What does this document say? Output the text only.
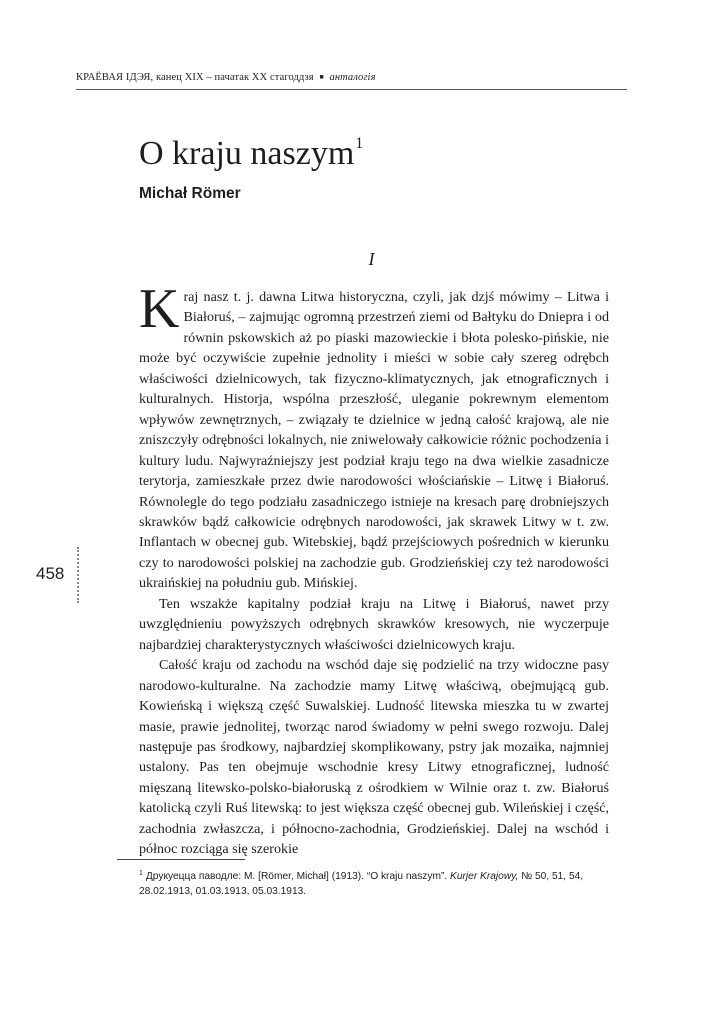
КРАЁВАЯ ІДЭЯ, канец XIX – пачатак XX стагоддзя ■ антaлогія
O kraju naszym$^1$
Michał Römer
I

Kraj nasz t. j. dawna Litwa historyczna, czyli, jak dzjś mówimy – Litwa i Białoruś, – zajmując ogromną przestrzeń ziemi od Bałtyku do Dniepra i od równin pskowskich aż po piaski mazowieckie i błota polesko-pińskie, nie może być oczywiście zupełnie jednolity i mieści w sobie cały szereg odrębch właściwości dzielnicowych, tak fizyczno-klimatycznych, jak etnograficznych i kulturalnych. Historja, wspólna przeszłość, uleganie pokrewnym elementom wpływów zewnętrznych, – związały te dzielnice w jedną całość krajową, ale nie zniszczyły odrębności lokalnych, nie zniwelowały całkowicie różnic pochodzenia i kultury ludu. Najwyraźniejszy jest podział kraju tego na dwa wielkie zasadnicze terytorja, zamieszkałe przez dwie narodowości włościańskie – Litwę i Białoruś. Równolegle do tego podziału zasadniczego istnieje na kresach parę drobniejszych skrawków bądź całkowicie odrębnych narodowości, jak skrawek Litwy w t. zw. Inflantach w obecnej gub. Witebskiej, bądź przejściowych pośrednich w kierunku czy to narodowości polskiej na zachodzie gub. Grodzieńskiej czy też narodowości ukraińskiej na południu gub. Mińskiej.

Ten wszakże kapitalny podział kraju na Litwę i Białoruś, nawet przy uwzględnieniu powyższych odrębnych skrawków kresowych, nie wyczerpuje najbardziej charakterystycznych właściwości dzielnicowych kraju.

Całość kraju od zachodu na wschód daje się podzielić na trzy widoczne pasy narodowo-kulturalne. Na zachodzie mamy Litwę właściwą, obejmującą gub. Kowieńską i większą część Suwalskiej. Ludność litewska mieszka tu w zwartej masie, prawie jednolitej, tworząc narod świadomy w pełni swego rozwoju. Dalej następuje pas środkowy, najbardziej skomplikowany, pstry jak mozaika, najmniej ustalony. Pas ten obejmuje wschodnie kresy Litwy etnograficznej, ludność mięszaną litewsko-polsko-białoruską z ośrodkiem w Wilnie oraz t. zw. Białoruś katolicką czyli Ruś litewską: to jest większa część obecnej gub. Wileńskiej i część, zachodnia zwłaszcza, i północno-zachodnia, Grodzieńskiej. Dalej na wschód i północ rozciąga się szerokie

458
$^1$ Друкуецца паводле: M. [Römer, Michał] (1913). “O kraju naszym”. Kurjer Krajowy, № 50, 51, 54, 28.02.1913, 01.03.1913, 05.03.1913.
